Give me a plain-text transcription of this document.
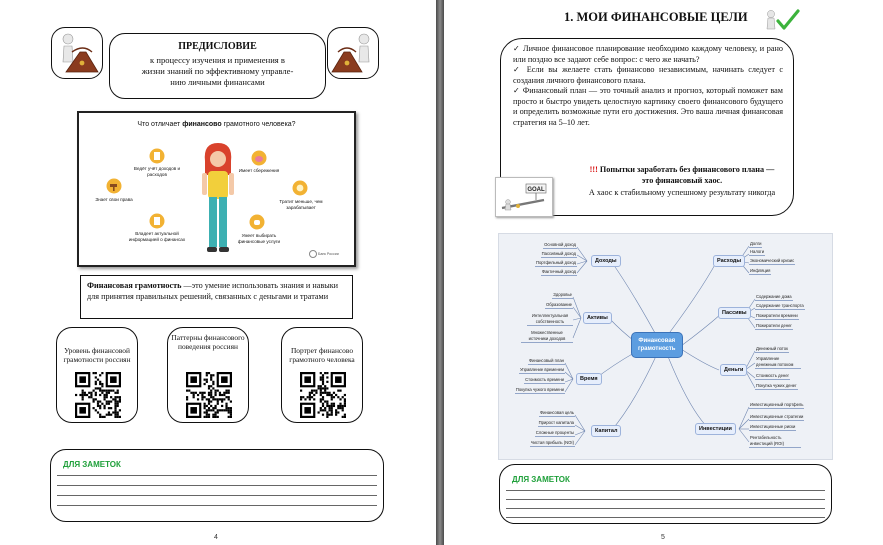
ПРЕДИСЛОВИЕ
к процессу изучения и применения в
жизни знаний по эффективному управле-
нию личными финансами
Что отличает финансово грамотного человека?
Ведёт учёт доходов и расходов
Имеет сбережения
Знает свои права	Тратит меньше, чем зарабатывает
Владеет актуальной информацией о финансах
Умеет выбирать финансовые услуги
Банк России
Финансовая грамотность —это умение использовать знания и навыки для принятия правильных решений, связанных с деньгами и тратами
Уровень финансовой грамотности россиян
Паттерны финансового поведения россиян	Портрет финансово грамотного человека
ДЛЯ ЗАМЕТОК
4
1. МОИ ФИНАНСОВЫЕ ЦЕЛИ

✓ Личное финансовое планирование необходимо каждому человеку, и рано или поздно все задают себе вопрос: с чего же начать?

✓ Если вы желаете стать финансово независимым, начинать следует с создания личного финансового плана.

✓ Финансовый план — это точный анализ и прогноз, который поможет вам просто и быстро увидеть целостную картинку своего финансового будущего и определить возможные пути его достижения. Это ваша личная финансовая стратегия на 5–10 лет.

!!! Попытки заработать без финансового плана — это финансовый хаос.
А хаос к стабильному успешному результату никогда
GOAL
Финансовая
грамотность
Доходы	Расходы
Активы
Пассивы
Время
Деньги
Капитал	Инвестиции
Основной доход
Пассивный доход
Портфельный доход
Фактичный доход
Долги
Налоги
Экономический кризис
Инфляция
Здоровье
Образование
Интеллектуальная собственность
Множественные источники доходов
Содержание дома
Содержание транспорта
Пожиратели времени
Пожиратели денег
Финансовый план
Управление временем
Стоимость времени
Покупка чужого времени
Денежный поток
Управление денежным потоком
Стоимость денег
Покупка чужих денег
Финансовая цель
Прирост капитала
Сложные проценты
Чистая прибыль (NOI)
Инвестиционный портфель
Инвестиционные стратегии
Инвестиционные риски
Рентабельность инвестиций (ROI)
ДЛЯ ЗАМЕТОК
5
